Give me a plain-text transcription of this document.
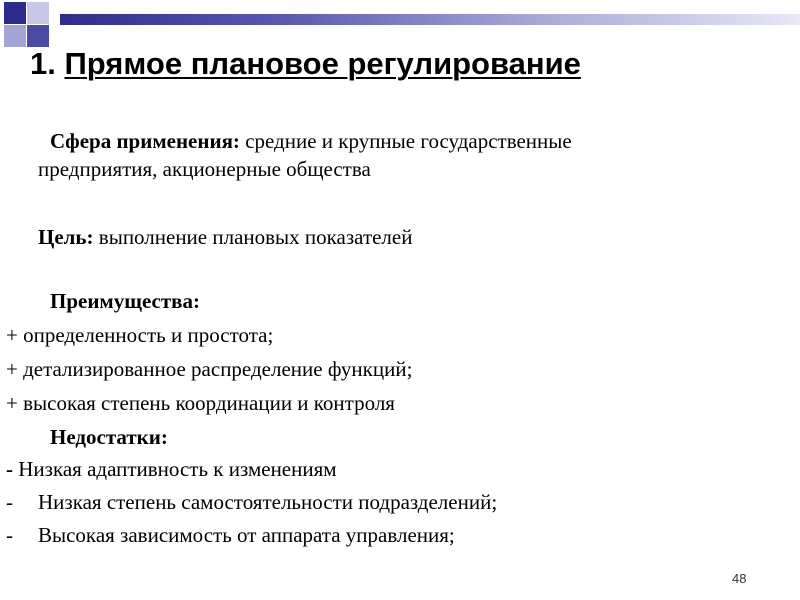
1. Прямое плановое регулирование
Сфера применения: средние и крупные государственные
предприятия, акционерные общества
Цель: выполнение плановых показателей
Преимущества:
+ определенность и простота;
+ детализированное распределение функций;
+ высокая степень координации и контроля
Недостатки:
- Низкая адаптивность к изменениям
- Низкая степень самостоятельности подразделений;
- Высокая зависимость от аппарата управления;
48
